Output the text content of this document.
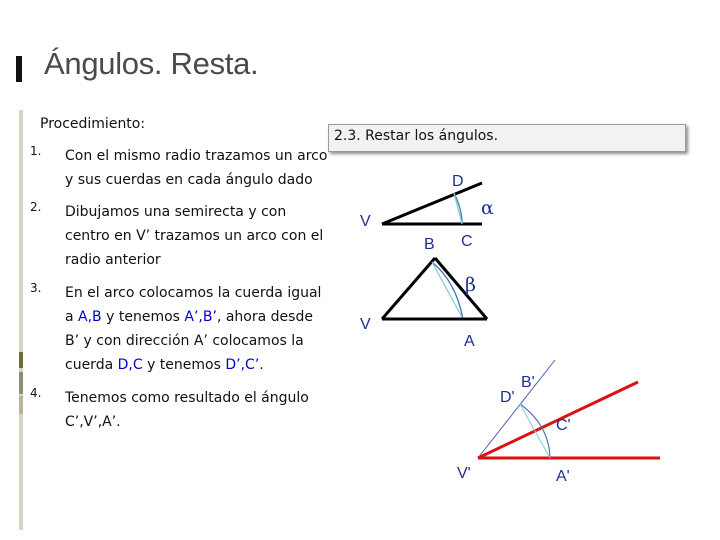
Ángulos. Resta.
Procedimiento:
2.3. Restar los ángulos.
1. Con el mismo radio trazamos un arco
y sus cuerdas en cada ángulo dado
2. Dibujamos una semirecta y con
centro en V’ trazamos un arco con el
radio anterior
3. En el arco colocamos la cuerda igual
a A,B y tenemos A’,B’, ahora desde
B’ y con dirección A’ colocamos la
cuerda D,C y tenemos D’,C’.
4. Tenemos como resultado el ángulo
C’,V’,A’.
V
D
C
α
V
B
A
β
V'	A'
B'
C'
D'
